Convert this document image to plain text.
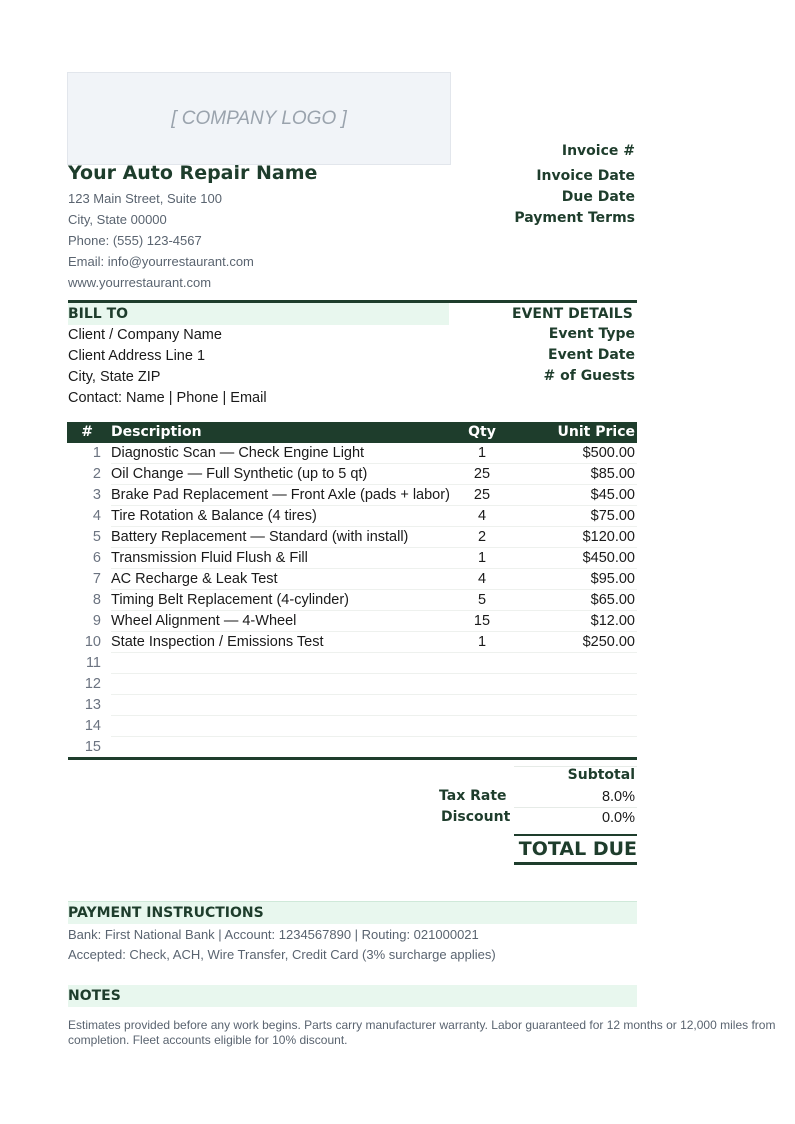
[ COMPANY LOGO ]
Your Auto Repair Name
123 Main Street, Suite 100
City, State 00000
Phone: (555) 123-4567
Email: info@yourrestaurant.com
www.yourrestaurant.com
Invoice #
Invoice Date
Due Date
Payment Terms
BILL TO	EVENT DETAILS
Client / Company Name
Client Address Line 1
City, State ZIP
Contact: Name | Phone | Email
Event Type
Event Date
# of Guests
# Description	Qty	Unit Price
1 Diagnostic Scan — Check Engine Light	1	$500.00
2 Oil Change — Full Synthetic (up to 5 qt)	25	$85.00
3 Brake Pad Replacement — Front Axle (pads + labor)	25	$45.00
4 Tire Rotation & Balance (4 tires)	4	$75.00
5 Battery Replacement — Standard (with install)	2	$120.00
6 Transmission Fluid Flush & Fill	1	$450.00
7 AC Recharge & Leak Test	4	$95.00
8 Timing Belt Replacement (4-cylinder)	5	$65.00
9 Wheel Alignment — 4-Wheel	15	$12.00
10 State Inspection / Emissions Test	1	$250.00
11
12
13
14
15
Subtotal
Tax Rate	8.0%
Discount	0.0%
TOTAL DUE
PAYMENT INSTRUCTIONS
Bank: First National Bank | Account: 1234567890 | Routing: 021000021
Accepted: Check, ACH, Wire Transfer, Credit Card (3% surcharge applies)
NOTES
Estimates provided before any work begins. Parts carry manufacturer warranty. Labor guaranteed for 12 months or 12,000 miles from
completion. Fleet accounts eligible for 10% discount.
